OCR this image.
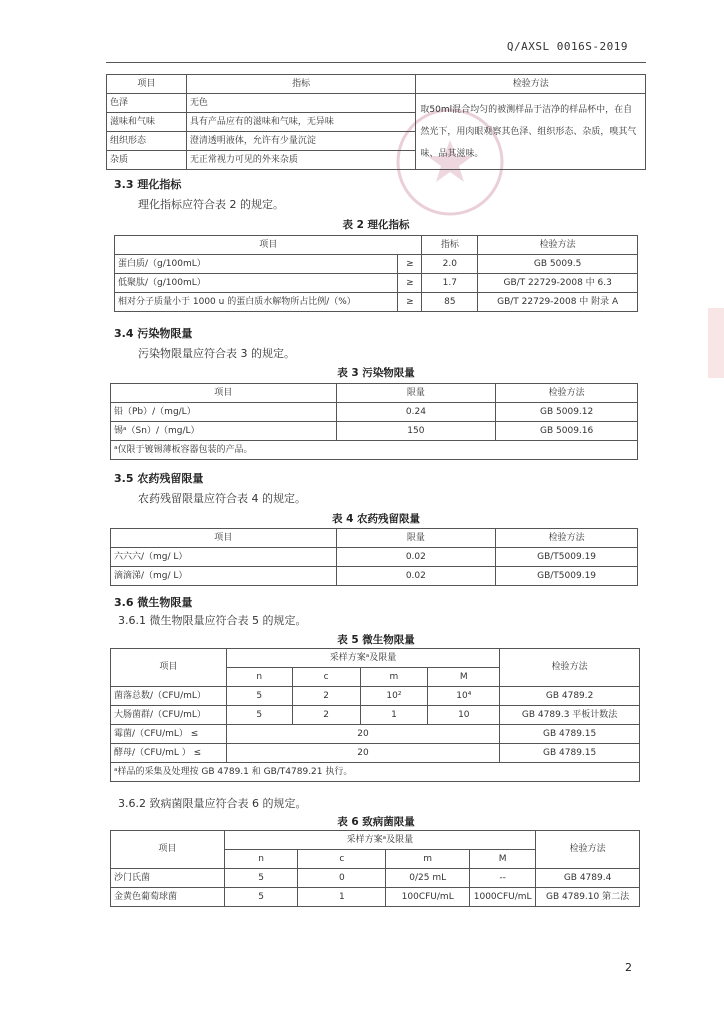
Q/AXSL 0016S-2019
项目	指标	检验方法
色泽	无色	取50ml混合均匀的被测样品于洁净的样品杯中，在自然光下，用肉眼观察其色泽、组织形态、杂质，嗅其气味、品其滋味。
滋味和气味	具有产品应有的滋味和气味，无异味	
组织形态	澄清透明液体，允许有少量沉淀	
杂质	无正常视力可见的外来杂质	
3.3 理化指标
理化指标应符合表 2 的规定。
表 2 理化指标
项目		指标	检验方法
蛋白质/（g/100mL）	≥	2.0	GB 5009.5
低聚肽/（g/100mL）	≥	1.7	GB/T 22729-2008 中 6.3
相对分子质量小于 1000 u 的蛋白质水解物所占比例/（%）	≥	85	GB/T 22729-2008 中 附录 A
3.4 污染物限量
污染物限量应符合表 3 的规定。
表 3 污染物限量
项目	限量	检验方法
铅（Pb）/（mg/L）	0.24	GB 5009.12
锡ᵃ（Sn）/（mg/L）	150	GB 5009.16
ᵃ仅限于镀锡薄板容器包装的产品。		
3.5 农药残留限量
农药残留限量应符合表 4 的规定。
表 4 农药残留限量
项目	限量	检验方法
六六六/（mg/ L）	0.02	GB/T5009.19
滴滴涕/（mg/ L）	0.02	GB/T5009.19
3.6 微生物限量
3.6.1 微生物限量应符合表 5 的规定。
表 5 微生物限量
项目	采样方案ᵃ及限量				检验方法
	n	c	m	M	
菌落总数/（CFU/mL）	5	2	10²	10⁴	GB 4789.2
大肠菌群/（CFU/mL）	5	2	1	10	GB 4789.3 平板计数法
霉菌/（CFU/mL） ≤	20				GB 4789.15
酵母/（CFU/mL ） ≤	20				GB 4789.15
ᵃ样品的采集及处理按 GB 4789.1 和 GB/T4789.21 执行。					
3.6.2 致病菌限量应符合表 6 的规定。
表 6 致病菌限量
项目	采样方案ᵃ及限量				检验方法
	n	c	m	M	
沙门氏菌	5	0	0/25 mL	--	GB 4789.4
金黄色葡萄球菌	5	1	100CFU/mL	1000CFU/mL	GB 4789.10 第二法
2
